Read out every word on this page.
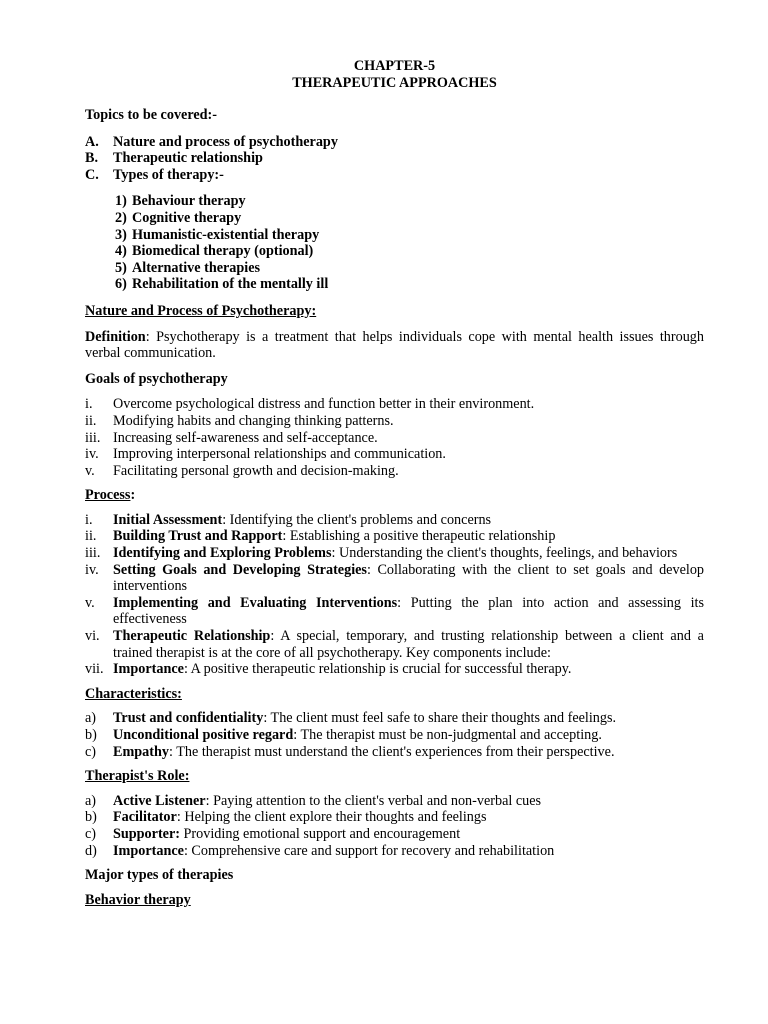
CHAPTER-5
THERAPEUTIC APPROACHES
Topics to be covered:-
A.	Nature and process of psychotherapy
B.	Therapeutic relationship
C.	Types of therapy:-
1) Behaviour therapy
2) Cognitive therapy
3) Humanistic-existential therapy
4) Biomedical therapy (optional)
5) Alternative therapies
6) Rehabilitation of the mentally ill
Nature and Process of Psychotherapy:
Definition: Psychotherapy is a treatment that helps individuals cope with mental health issues through verbal communication.
Goals of psychotherapy
i.	Overcome psychological distress and function better in their environment.
ii.	Modifying habits and changing thinking patterns.
iii. Increasing self-awareness and self-acceptance.
iv.	Improving interpersonal relationships and communication.
v.	Facilitating personal growth and decision-making.
Process:
i.	Initial Assessment: Identifying the client's problems and concerns
ii.	Building Trust and Rapport: Establishing a positive therapeutic relationship
iii. Identifying and Exploring Problems: Understanding the client's thoughts, feelings, and behaviors
iv.	Setting Goals and Developing Strategies: Collaborating with the client to set goals and develop interventions
v.	Implementing and Evaluating Interventions: Putting the plan into action and assessing its effectiveness
vi. Therapeutic Relationship: A special, temporary, and trusting relationship between a client and a trained therapist is at the core of all psychotherapy. Key components include:
vii. Importance: A positive therapeutic relationship is crucial for successful therapy.
Characteristics:
a)	Trust and confidentiality: The client must feel safe to share their thoughts and feelings.
b)	Unconditional positive regard: The therapist must be non-judgmental and accepting.
c)	Empathy: The therapist must understand the client's experiences from their perspective.
Therapist's Role:
a)	Active Listener: Paying attention to the client's verbal and non-verbal cues
b)	Facilitator: Helping the client explore their thoughts and feelings
c)	Supporter: Providing emotional support and encouragement
d)	Importance: Comprehensive care and support for recovery and rehabilitation
Major types of therapies
Behavior therapy
